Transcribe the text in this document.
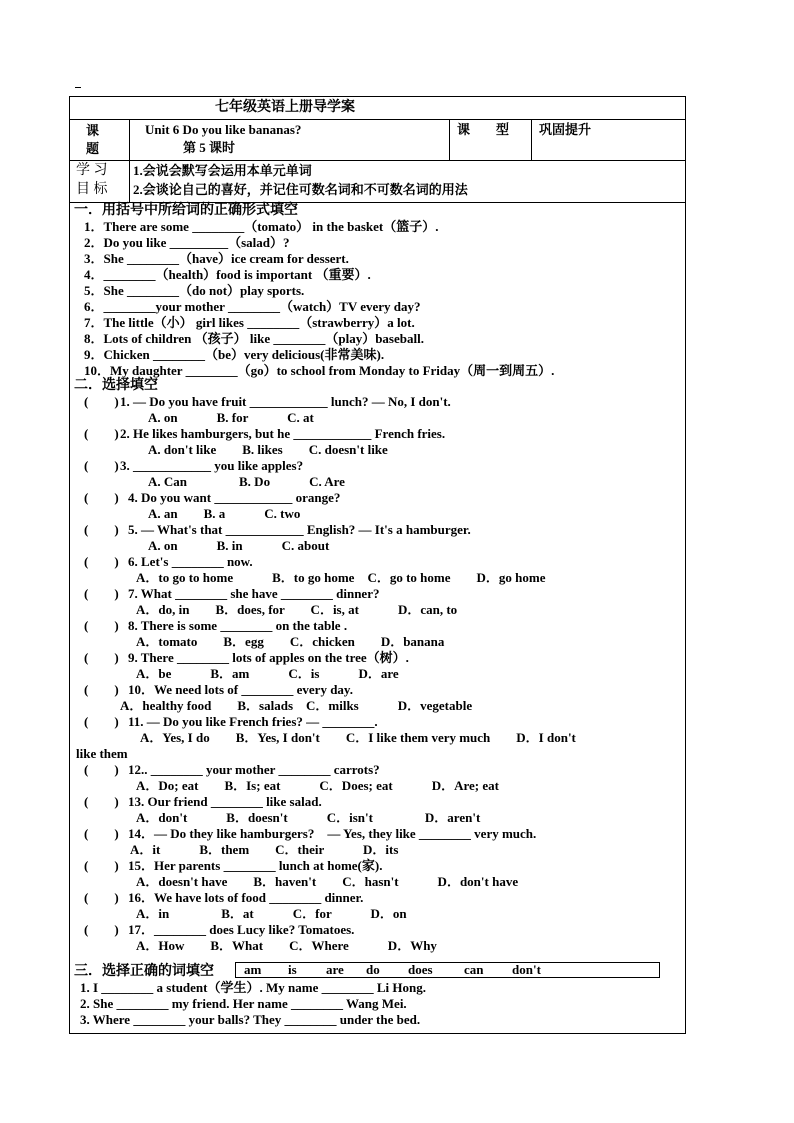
七年级英语上册导学案
课
题
Unit 6 Do you like bananas?
第 5 课时
课　　型 巩固提升
学 习
目 标
1.会说会默写会运用本单元单词
2.会谈论自己的喜好，并记住可数名词和不可数名词的用法
一．用括号中所给词的正确形式填空
1．There are some ________（tomato） in the basket（篮子）.
2．Do you like _________（salad）?
3．She ________（have）ice cream for dessert.
4．________（health）food is important （重要）.
5．She ________（do not）play sports.
6．________your mother ________（watch）TV every day?
7．The little（小） girl likes ________（strawberry）a lot.
8．Lots of children （孩子） like ________（play）baseball.
9．Chicken ________（be）very delicious(非常美味).
10．My daughter ________（go）to school from Monday to Friday（周一到周五）.
二．选择填空
(　　) 1. — Do you have fruit ____________ lunch? — No, I don't.
A. on　　　B. for　　　C. at
(　　) 2. He likes hamburgers, but he ____________ French fries.
A. don't like　　B. likes　　C. doesn't like
(　　) 3. ____________ you like apples?
A. Can　　　　B. Do　　　C. Are
(　　) 4. Do you want ____________ orange?
A. an　　B. a　　　C. two
(　　) 5. — What's that ____________ English? — It's a hamburger.
A. on　　　B. in　　　C. about
(　　) 6. Let's ________ now.
A．to go to home　　　B．to go home　C．go to home　　D．go home
(　　) 7. What ________ she have ________ dinner?
A．do, in　　B．does, for　　C．is, at　　　D．can, to
(　　) 8. There is some ________ on the table .
A．tomato　　B．egg　　C．chicken　　D．banana
(　　) 9. There ________ lots of apples on the tree（树）.
A．be　　　B．am　　　C．is　　　D．are
(　　) 10．We need lots of ________ every day.
A．healthy food　　B．salads　C．milks　　　D．vegetable
(　　) 11. — Do you like French fries? — ________.
A．Yes, I do　　B．Yes, I don't　　C．I like them very much　　D．I don't
like them
(　　) 12.. ________ your mother ________ carrots?
A．Do; eat　　B．Is; eat　　　C．Does; eat　　　D．Are; eat
(　　) 13. Our friend ________ like salad.
A．don't　　　B．doesn't　　　C．isn't　　　　D．aren't
(　　) 14．— Do they like hamburgers?　— Yes, they like ________ very much.
A．it　　　B．them　　C．their　　　D．its
(　　) 15．Her parents ________ lunch at home(家).
A．doesn't have　　B．haven't　　C．hasn't　　　D．don't have
(　　) 16．We have lots of food ________ dinner.
A．in　　　　B．at　　　C．for　　　D．on
(　　) 17．________ does Lucy like? Tomatoes.
A．How　　B．What　　C．Where　　　D．Why
三．选择正确的词填空
1. I ________ a student（学生）. My name ________ Li Hong.
2. She ________ my friend. Her name ________ Wang Mei.
3. Where ________ your balls? They ________ under the bed.
am is are do does can don't
